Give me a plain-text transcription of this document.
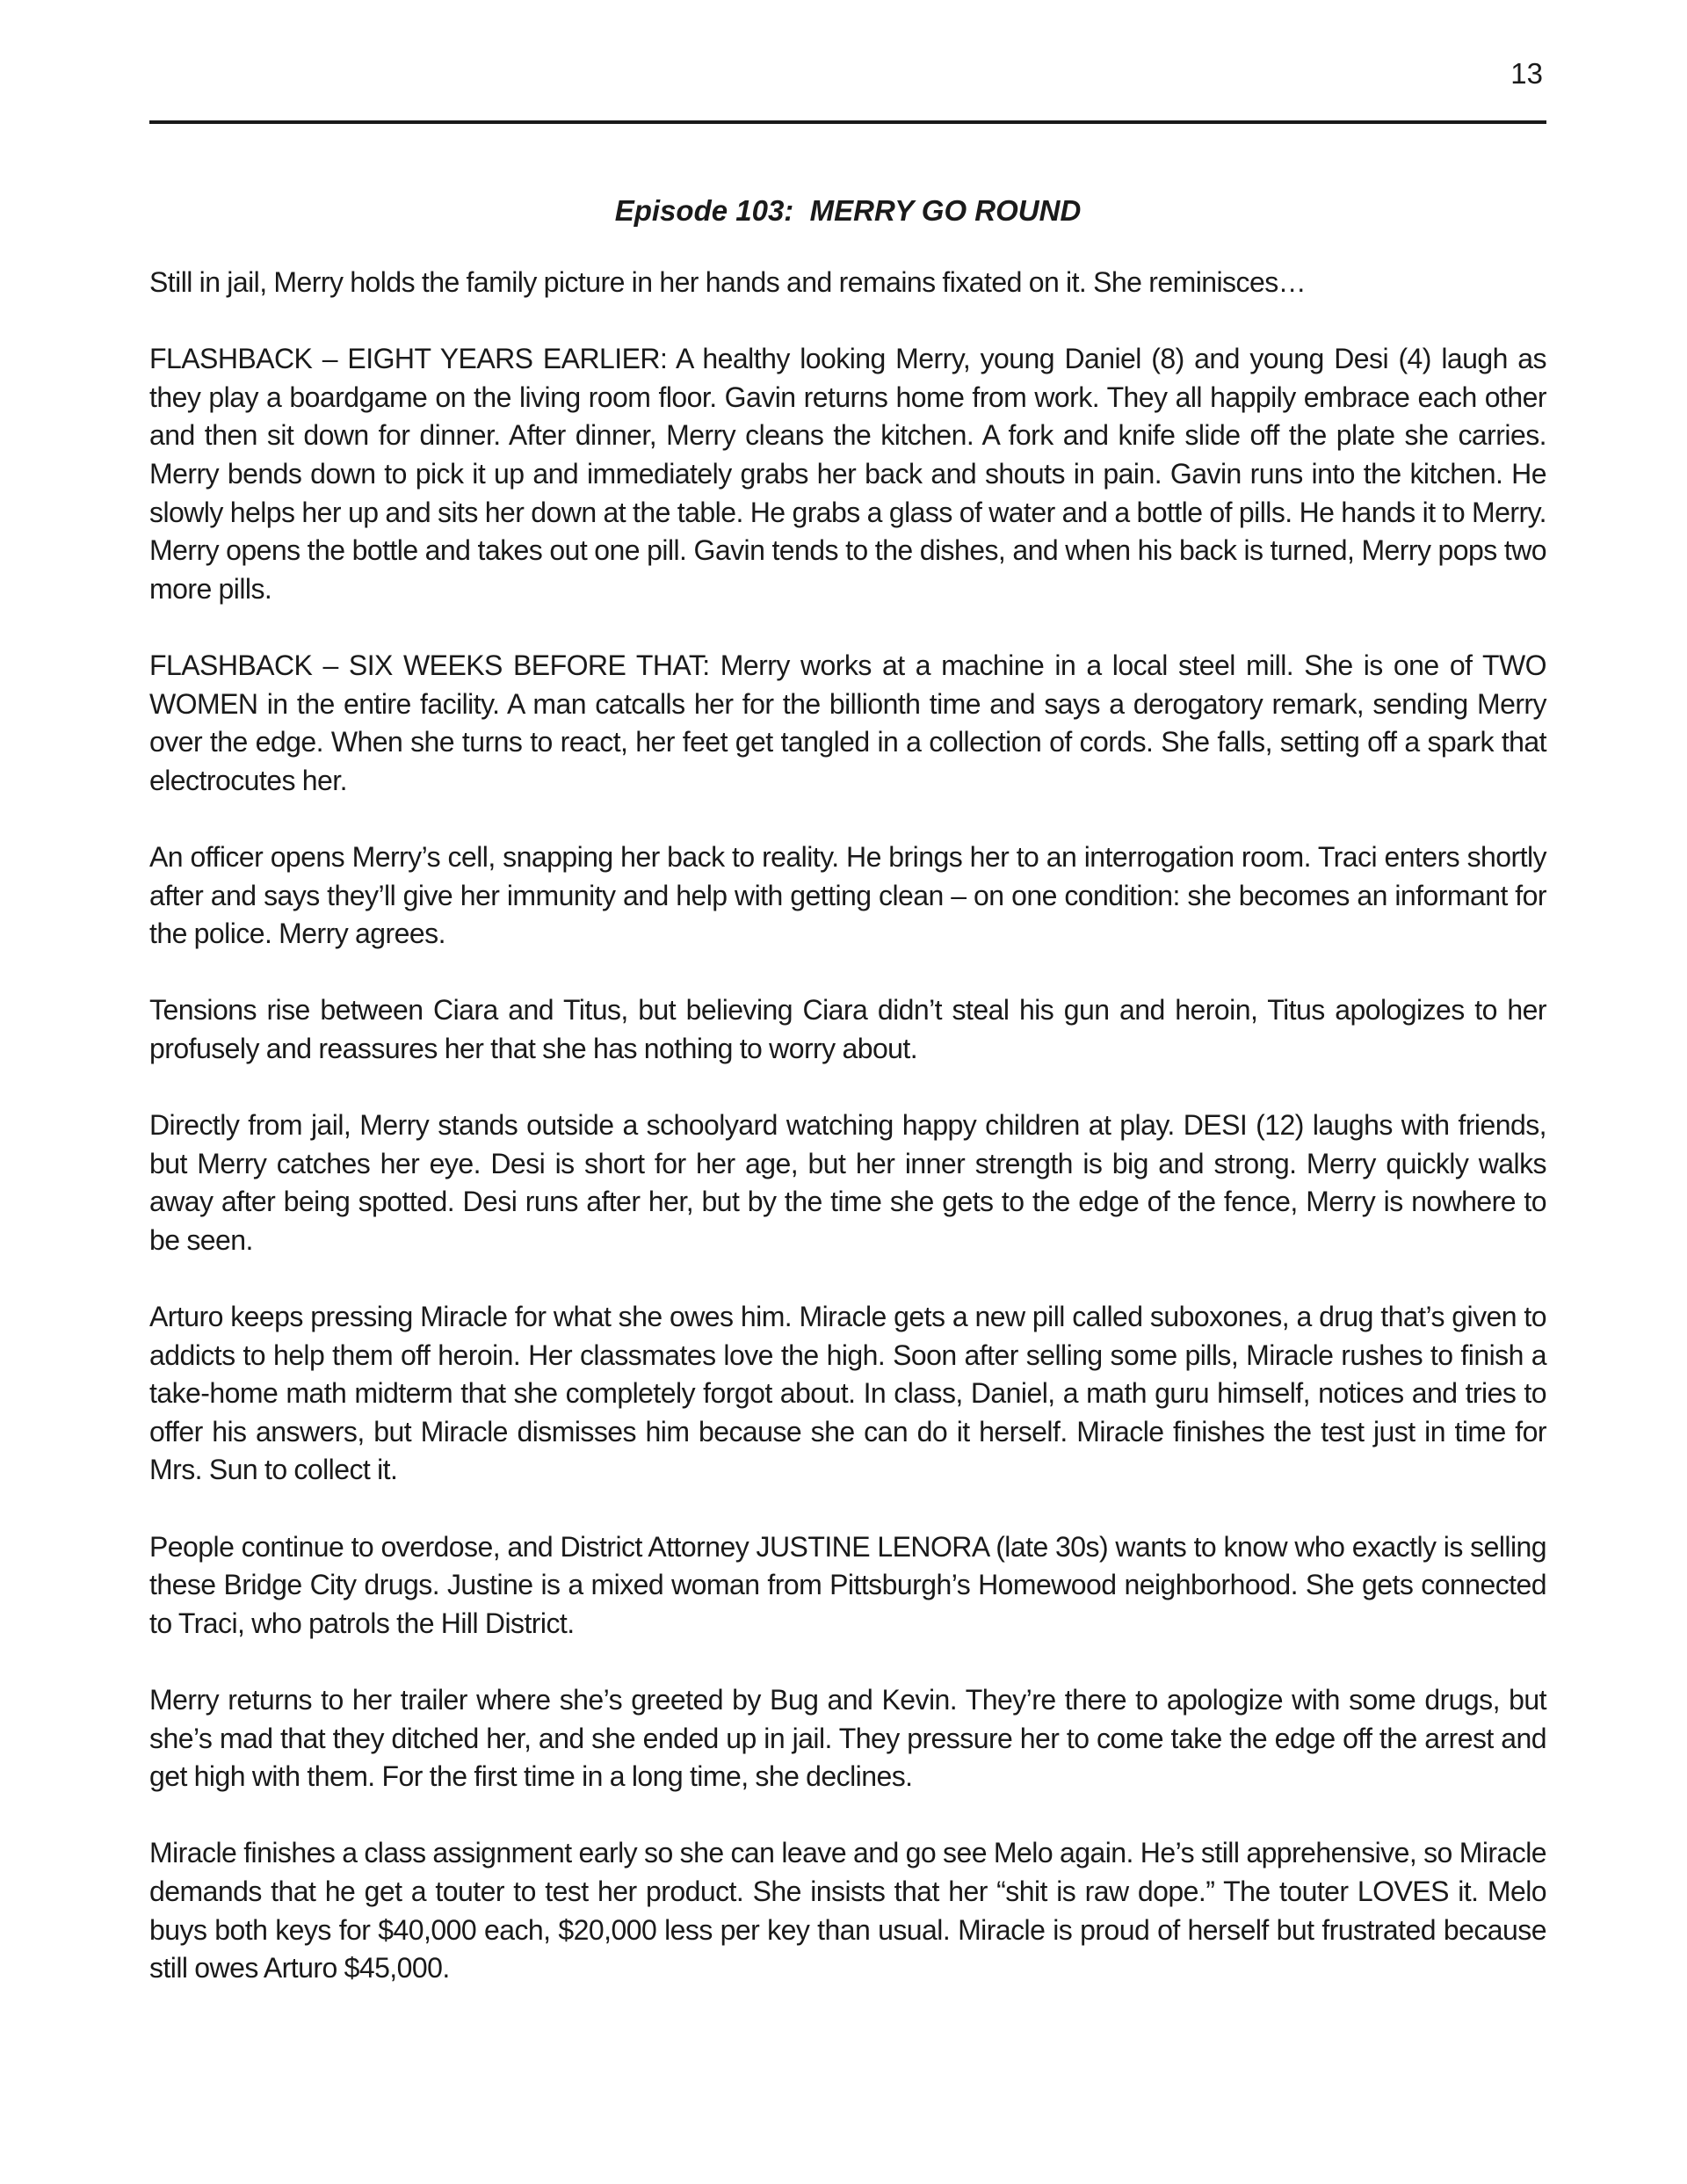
13
Episode 103:  MERRY GO ROUND

Still in jail, Merry holds the family picture in her hands and remains fixated on it. She reminisces…

FLASHBACK – EIGHT YEARS EARLIER: A healthy looking Merry, young Daniel (8) and young Desi (4) laugh as they play a boardgame on the living room floor. Gavin returns home from work. They all happily embrace each other and then sit down for dinner. After dinner, Merry cleans the kitchen. A fork and knife slide off the plate she carries. Merry bends down to pick it up and immediately grabs her back and shouts in pain. Gavin runs into the kitchen. He slowly helps her up and sits her down at the table. He grabs a glass of water and a bottle of pills. He hands it to Merry. Merry opens the bottle and takes out one pill. Gavin tends to the dishes, and when his back is turned, Merry pops two more pills.

FLASHBACK – SIX WEEKS BEFORE THAT: Merry works at a machine in a local steel mill. She is one of TWO WOMEN in the entire facility. A man catcalls her for the billionth time and says a derogatory remark, sending Merry over the edge. When she turns to react, her feet get tangled in a collection of cords. She falls, setting off a spark that electrocutes her.

An officer opens Merry’s cell, snapping her back to reality. He brings her to an interrogation room. Traci enters shortly after and says they’ll give her immunity and help with getting clean – on one condition: she becomes an informant for the police. Merry agrees.

Tensions rise between Ciara and Titus, but believing Ciara didn’t steal his gun and heroin, Titus apologizes to her profusely and reassures her that she has nothing to worry about.

Directly from jail, Merry stands outside a schoolyard watching happy children at play. DESI (12) laughs with friends, but Merry catches her eye. Desi is short for her age, but her inner strength is big and strong. Merry quickly walks away after being spotted. Desi runs after her, but by the time she gets to the edge of the fence, Merry is nowhere to be seen.

Arturo keeps pressing Miracle for what she owes him. Miracle gets a new pill called suboxones, a drug that’s given to addicts to help them off heroin. Her classmates love the high. Soon after selling some pills, Miracle rushes to finish a take-home math midterm that she completely forgot about. In class, Daniel, a math guru himself, notices and tries to offer his answers, but Miracle dismisses him because she can do it herself. Miracle finishes the test just in time for Mrs. Sun to collect it.

People continue to overdose, and District Attorney JUSTINE LENORA (late 30s) wants to know who exactly is selling these Bridge City drugs. Justine is a mixed woman from Pittsburgh’s Homewood neighborhood. She gets connected to Traci, who patrols the Hill District.

Merry returns to her trailer where she’s greeted by Bug and Kevin. They’re there to apologize with some drugs, but she’s mad that they ditched her, and she ended up in jail. They pressure her to come take the edge off the arrest and get high with them. For the first time in a long time, she declines.

Miracle finishes a class assignment early so she can leave and go see Melo again. He’s still apprehensive, so Miracle demands that he get a touter to test her product. She insists that her “shit is raw dope.” The touter LOVES it. Melo buys both keys for $40,000 each, $20,000 less per key than usual. Miracle is proud of herself but frustrated because still owes Arturo $45,000.
